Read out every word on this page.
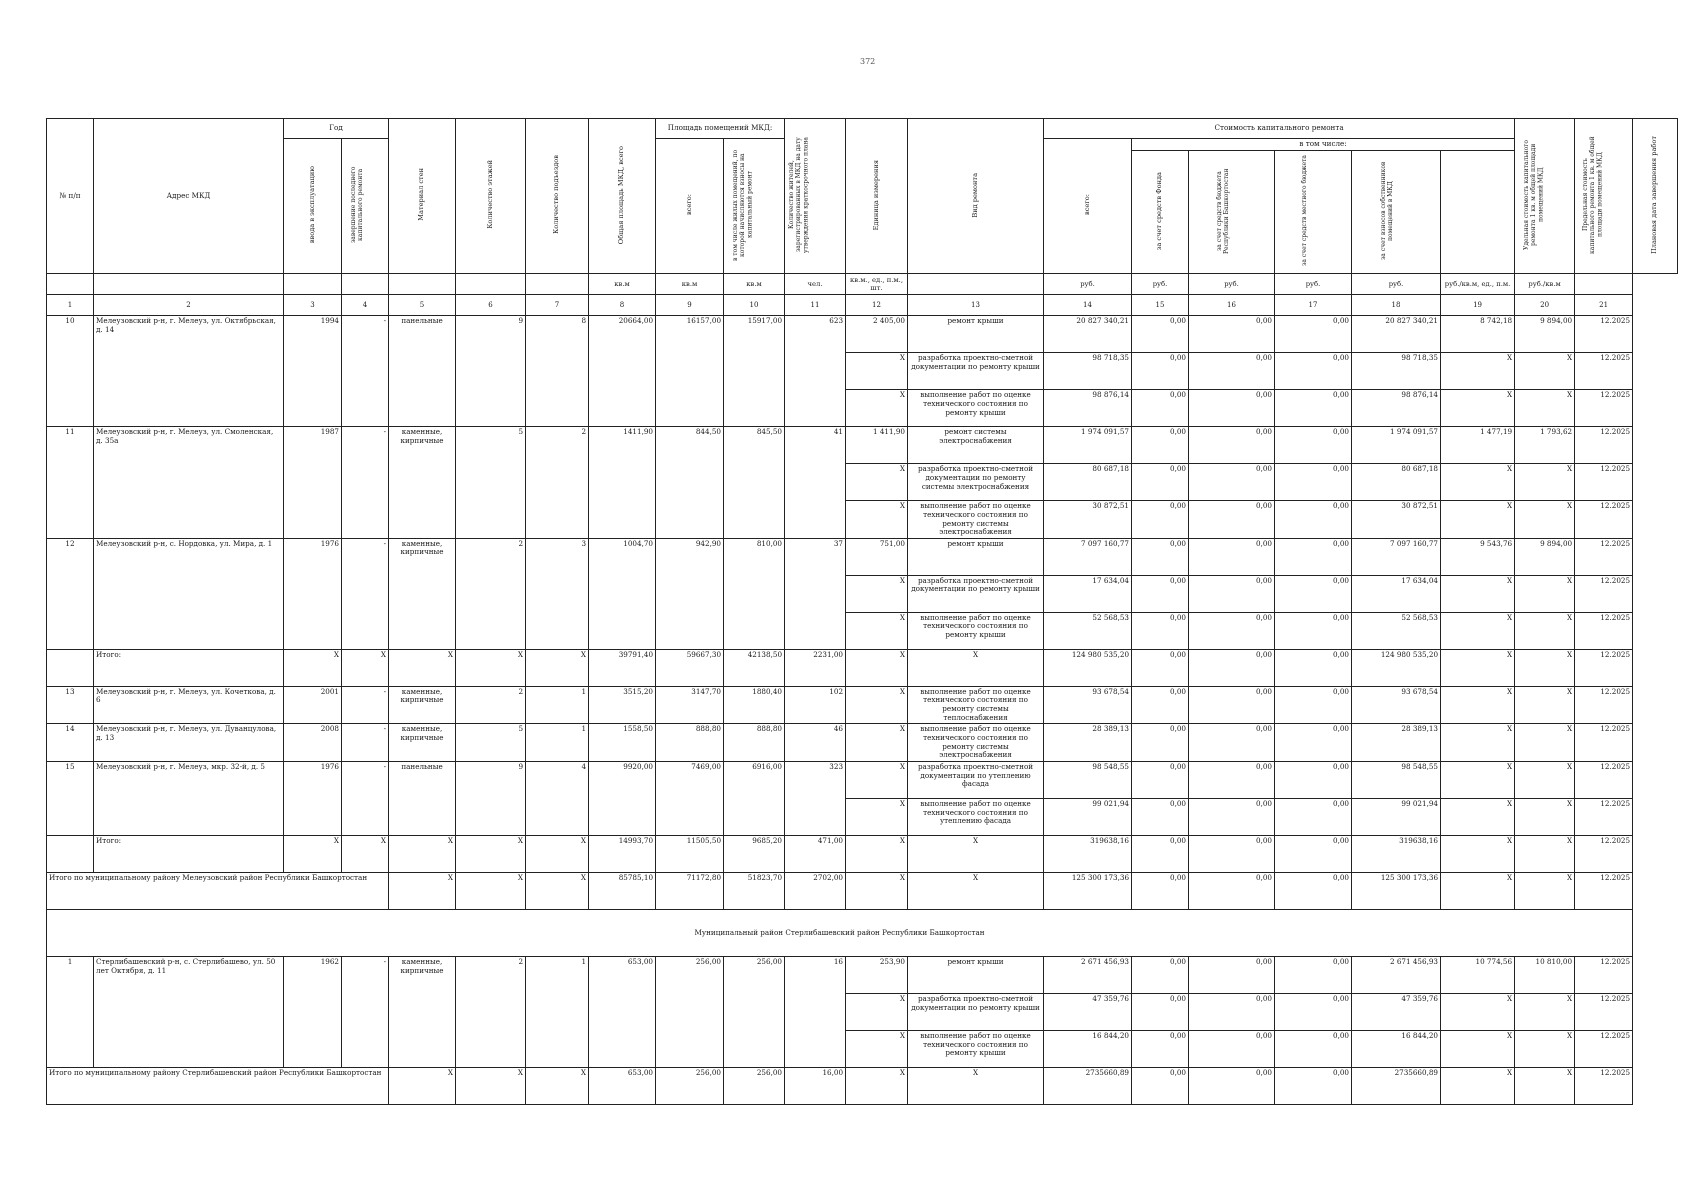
372
№ п/п	Адрес МКД	Год		Материал стен	Количество этажей	Количество подъездов	Общая площадь МКД, всего	Площадь помещений МКД:		Количество жителей, зарегистрированных в МКД на дату утверждения краткосрочного плана	Единица измерения	Вид ремонта	Стоимость капитального ремонта						Удельная стоимость капитального ремонта 1 кв. м общей площади помещений МКД	Предельная стоимость капитального ремонта 1 кв. м общей площади помещений МКД	Плановая дата завершения работ
		ввода в эксплуатацию	завершение последнего капитального ремонта					всего:	в том числе жилых помещений, по которой начисляются взносы на капитальный ремонт				всего:	в том числе:							
														за счет средств Фонда	за счет средств бюджета Республики Башкортостан	за счет средств местного бюджета	за счет взносов собственников помещений в МКД				
							кв.м	кв.м	кв.м	чел.	кв.м., ед., п.м., шт.		руб.	руб.	руб.	руб.	руб.	руб./кв.м, ед., п.м.	руб./кв.м		
1	2	3	4	5	6	7	8	9	10	11	12	13	14	15	16	17	18	19	20	21	
10	Мелеузовский р-н, г. Мелеуз, ул. Октябрьская, д. 14	1994	-	панельные	9	8	20664,00	16157,00	15917,00	623	2 405,00	ремонт крыши	20 827 340,21	0,00	0,00	0,00	20 827 340,21	8 742,18	9 894,00	12.2025	
											X	разработка проектно-сметной документации по ремонту крыши	98 718,35	0,00	0,00	0,00	98 718,35	X	X	12.2025	
											X	выполнение работ по оценке технического состояния по ремонту крыши	98 876,14	0,00	0,00	0,00	98 876,14	X	X	12.2025	
11	Мелеузовский р-н, г. Мелеуз, ул. Смоленская, д. 35а	1987	-	каменные, кирпичные	5	2	1411,90	844,50	845,50	41	1 411,90	ремонт системы электроснабжения	1 974 091,57	0,00	0,00	0,00	1 974 091,57	1 477,19	1 793,62	12.2025	
											X	разработка проектно-сметной документации по ремонту системы электроснабжения	80 687,18	0,00	0,00	0,00	80 687,18	X	X	12.2025	
											X	выполнение работ по оценке технического состояния по ремонту системы электроснабжения	30 872,51	0,00	0,00	0,00	30 872,51	X	X	12.2025	
12	Мелеузовский р-н, с. Нордовка, ул. Мира, д. 1	1976	-	каменные, кирпичные	2	3	1004,70	942,90	810,00	37	751,00	ремонт крыши	7 097 160,77	0,00	0,00	0,00	7 097 160,77	9 543,76	9 894,00	12.2025	
											X	разработка проектно-сметной документации по ремонту крыши	17 634,04	0,00	0,00	0,00	17 634,04	X	X	12.2025	
											X	выполнение работ по оценке технического состояния по ремонту крыши	52 568,53	0,00	0,00	0,00	52 568,53	X	X	12.2025	
	Итого:	X	X	X	X	X	39791,40	59667,30	42138,50	2231,00	X	X	124 980 535,20	0,00	0,00	0,00	124 980 535,20	X	X	12.2025	
13	Мелеузовский р-н, г. Мелеуз, ул. Кочеткова, д. 6	2001	-	каменные, кирпичные	2	1	3515,20	3147,70	1880,40	102	X	выполнение работ по оценке технического состояния по ремонту системы теплоснабжения	93 678,54	0,00	0,00	0,00	93 678,54	X	X	12.2025	
14	Мелеузовский р-н, г. Мелеуз, ул. Дуванцулова, д. 13	2008	-	каменные, кирпичные	5	1	1558,50	888,80	888,80	46	X	выполнение работ по оценке технического состояния по ремонту системы электроснабжения	28 389,13	0,00	0,00	0,00	28 389,13	X	X	12.2025	
15	Мелеузовский р-н, г. Мелеуз, мкр. 32-й, д. 5	1976	-	панельные	9	4	9920,00	7469,00	6916,00	323	X	разработка проектно-сметной документации по утеплению фасада	98 548,55	0,00	0,00	0,00	98 548,55	X	X	12.2025	
											X	выполнение работ по оценке технического состояния по утеплению фасада	99 021,94	0,00	0,00	0,00	99 021,94	X	X	12.2025	
	Итого:	X	X	X	X	X	14993,70	11505,50	9685,20	471,00	X	X	319638,16	0,00	0,00	0,00	319638,16	X	X	12.2025	
Итого по муниципальному району Мелеузовский район Республики Башкортостан				X	X	X	85785,10	71172,80	51823,70	2702,00	X	X	125 300 173,36	0,00	0,00	0,00	125 300 173,36	X	X	12.2025	
Муниципальный район Стерлибашевский район Республики Башкортостан																					
1	Стерлибашевский р-н, с. Стерлибашево, ул. 50 лет Октября, д. 11	1962	-	каменные, кирпичные	2	1	653,00	256,00	256,00	16	253,90	ремонт крыши	2 671 456,93	0,00	0,00	0,00	2 671 456,93	10 774,56	10 810,00	12.2025	
											X	разработка проектно-сметной документации по ремонту крыши	47 359,76	0,00	0,00	0,00	47 359,76	X	X	12.2025	
											X	выполнение работ по оценке технического состояния по ремонту крыши	16 844,20	0,00	0,00	0,00	16 844,20	X	X	12.2025	
Итого по муниципальному району Стерлибашевский район Республики Башкортостан				X	X	X	653,00	256,00	256,00	16,00	X	X	2735660,89	0,00	0,00	0,00	2735660,89	X	X	12.2025	
